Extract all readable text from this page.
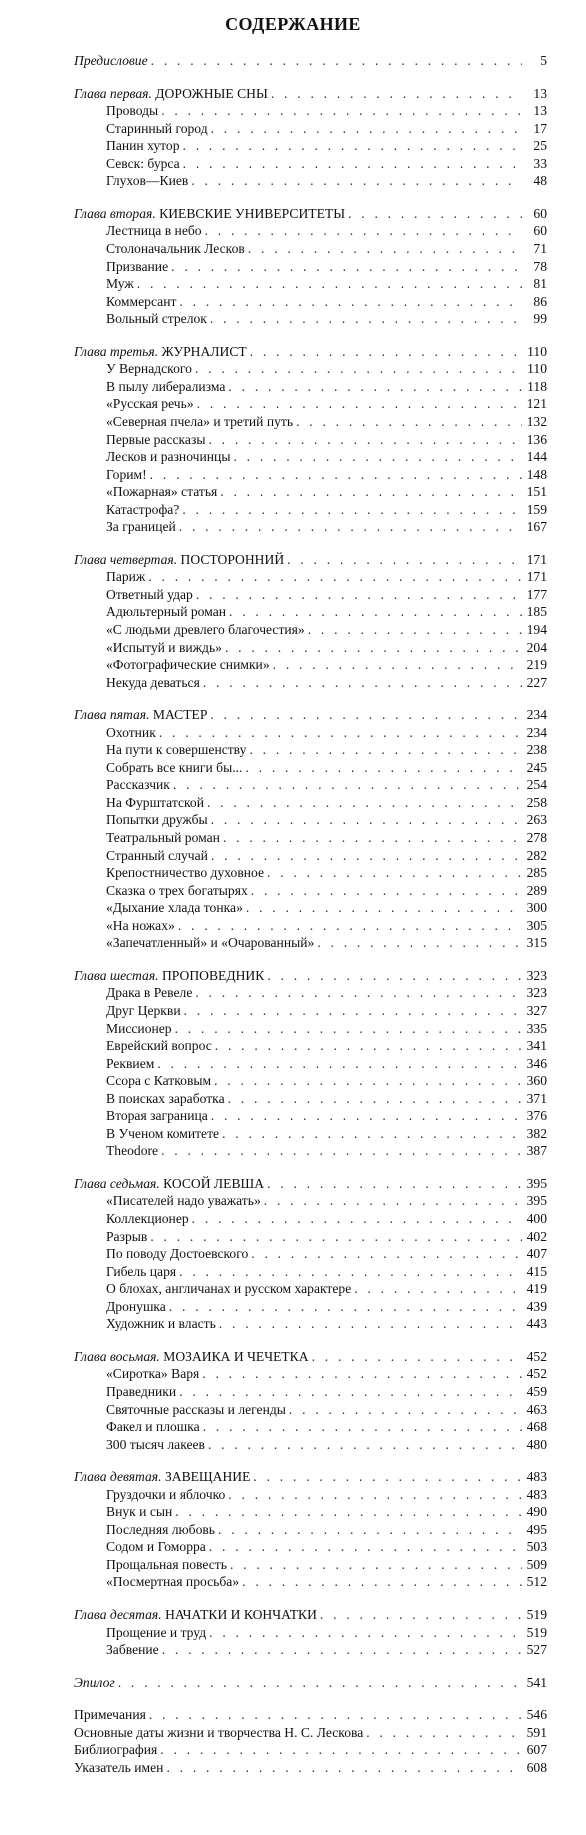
СОДЕРЖАНИЕ
Предисловие . . .	5
Глава первая. ДОРОЖНЫЕ СНЫ . . .	13
Проводы . . .	13
Старинный город . . .	17
Панин хутор . . .	25
Севск: бурса . . .	33
Глухов—Киев . . .	48
Глава вторая. КИЕВСКИЕ УНИВЕРСИТЕТЫ . . .	60
Лестница в небо . . .	60
Столоначальник Лесков . . .	71
Призвание . . .	78
Муж . . .	81
Коммерсант . . .	86
Вольный стрелок . . .	99
Глава третья. ЖУРНАЛИСТ . . .	110
У Вернадского . . .	110
В пылу либерализма . . .	118
«Русская речь» . . .	121
«Северная пчела» и третий путь . . .	132
Первые рассказы . . .	136
Лесков и разночинцы . . .	144
Горим! . . .	148
«Пожарная» статья . . .	151
Катастрофа? . . .	159
За границей . . .	167
Глава четвертая. ПОСТОРОННИЙ . . .	171
Париж . . .	171
Ответный удар . . .	177
Адюльтерный роман . . .	185
«С людьми древлего благочестия» . . .	194
«Испытуй и виждь» . . .	204
«Фотографические снимки» . . .	219
Некуда деваться . . .	227
Глава пятая. МАСТЕР . . .	234
Охотник . . .	234
На пути к совершенству . . .	238
Собрать все книги бы... . . .	245
Рассказчик . . .	254
На Фурштатской . . .	258
Попытки дружбы . . .	263
Театральный роман . . .	278
Странный случай . . .	282
Крепостничество духовное . . .	285
Сказка о трех богатырях . . .	289
«Дыхание хлада тонка» . . .	300
«На ножах» . . .	305
«Запечатленный» и «Очарованный» . . .	315
Глава шестая. ПРОПОВЕДНИК . . .	323
Драка в Ревеле . . .	323
Друг Церкви . . .	327
Миссионер . . .	335
Еврейский вопрос . . .	341
Реквием . . .	346
Ссора с Катковым . . .	360
В поисках заработка . . .	371
Вторая заграница . . .	376
В Ученом комитете . . .	382
Theodore . . .	387
Глава седьмая. КОСОЙ ЛЕВША . . .	395
«Писателей надо уважать» . . .	395
Коллекционер . . .	400
Разрыв . . .	402
По поводу Достоевского . . .	407
Гибель царя . . .	415
О блохах, англичанах и русском характере . . .	419
Дронушка . . .	439
Художник и власть . . .	443
Глава восьмая. МОЗАИКА И ЧЕЧЕТКА . . .	452
«Сиротка» Варя . . .	452
Праведники . . .	459
Святочные рассказы и легенды . . .	463
Факел и плошка . . .	468
300 тысяч лакеев . . .	480
Глава девятая. ЗАВЕЩАНИЕ . . .	483
Груздочки и яблочко . . .	483
Внук и сын . . .	490
Последняя любовь . . .	495
Содом и Гоморра . . .	503
Прощальная повесть . . .	509
«Посмертная просьба» . . .	512
Глава десятая. НАЧАТКИ И КОНЧАТКИ . . .	519
Прощение и труд . . .	519
Забвение . . .	527
Эпилог . . .	541
Примечания . . .	546
Основные даты жизни и творчества Н. С. Лескова . . .	591
Библиография . . .	607
Указатель имен . . .	608
